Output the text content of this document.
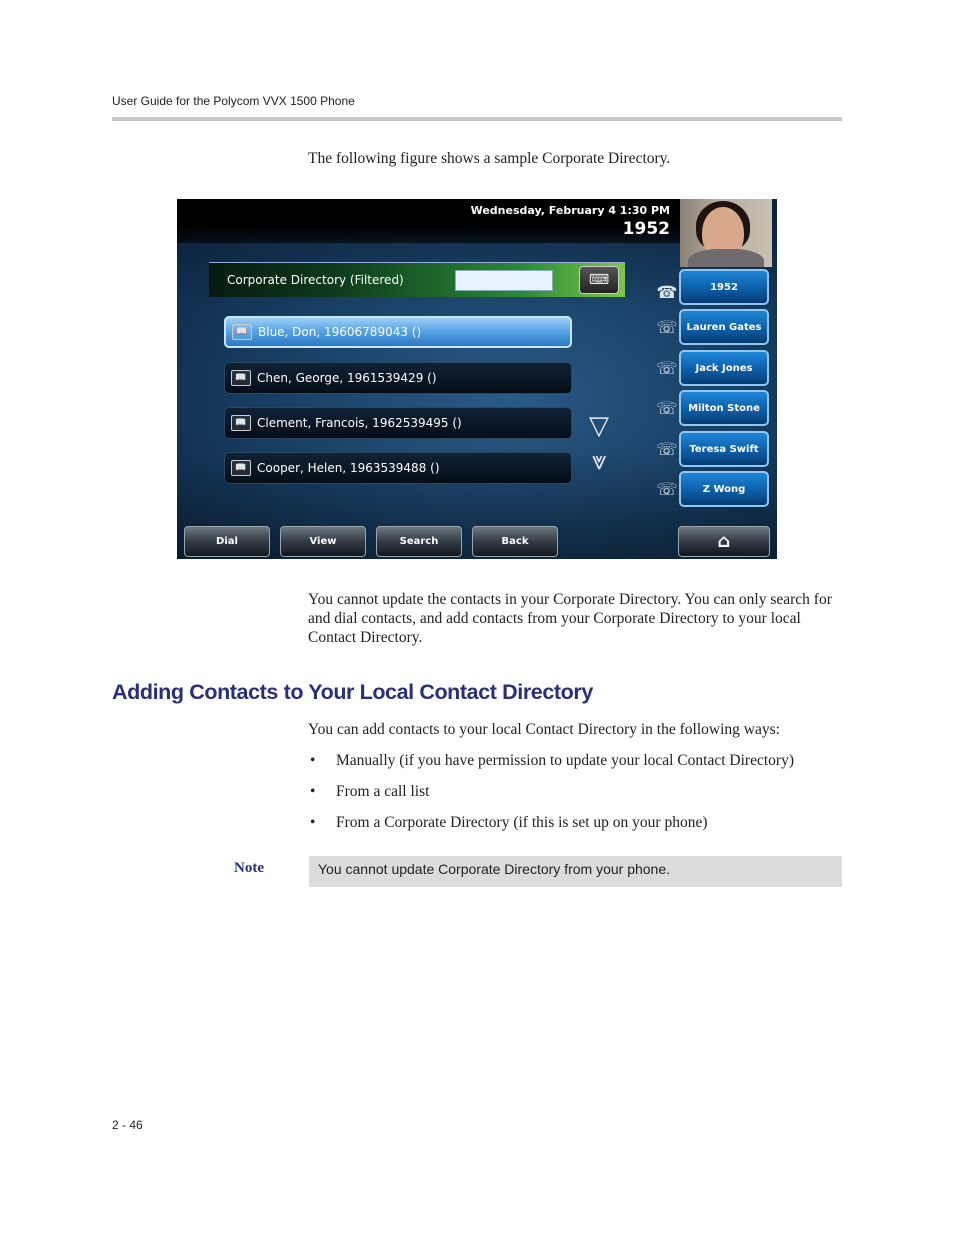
User Guide for the Polycom VVX 1500 Phone
The following figure shows a sample Corporate Directory.
Wednesday, February 4 1:30 PM
1952
Corporate Directory (Filtered)	⌨
📖 Blue, Don, 19606789043 ()
📖 Chen, George, 1961539429 ()
📖 Clement, Francois, 1962539495 ()
📖 Cooper, Helen, 1963539488 ()
▽
⩔
☎	1952
☏ Lauren Gates
☏	Jack Jones
☏	Milton Stone
☏	Teresa Swift
☏	Z Wong
Dial	View	Search	Back	⌂
You cannot update the contacts in your Corporate Directory. You can only search for and dial contacts, and add contacts from your Corporate Directory to your local Contact Directory.
Adding Contacts to Your Local Contact Directory
You can add contacts to your local Contact Directory in the following ways:
• Manually (if you have permission to update your local Contact Directory)
• From a call list
• From a Corporate Directory (if this is set up on your phone)
Note	You cannot update Corporate Directory from your phone.
2 - 46
